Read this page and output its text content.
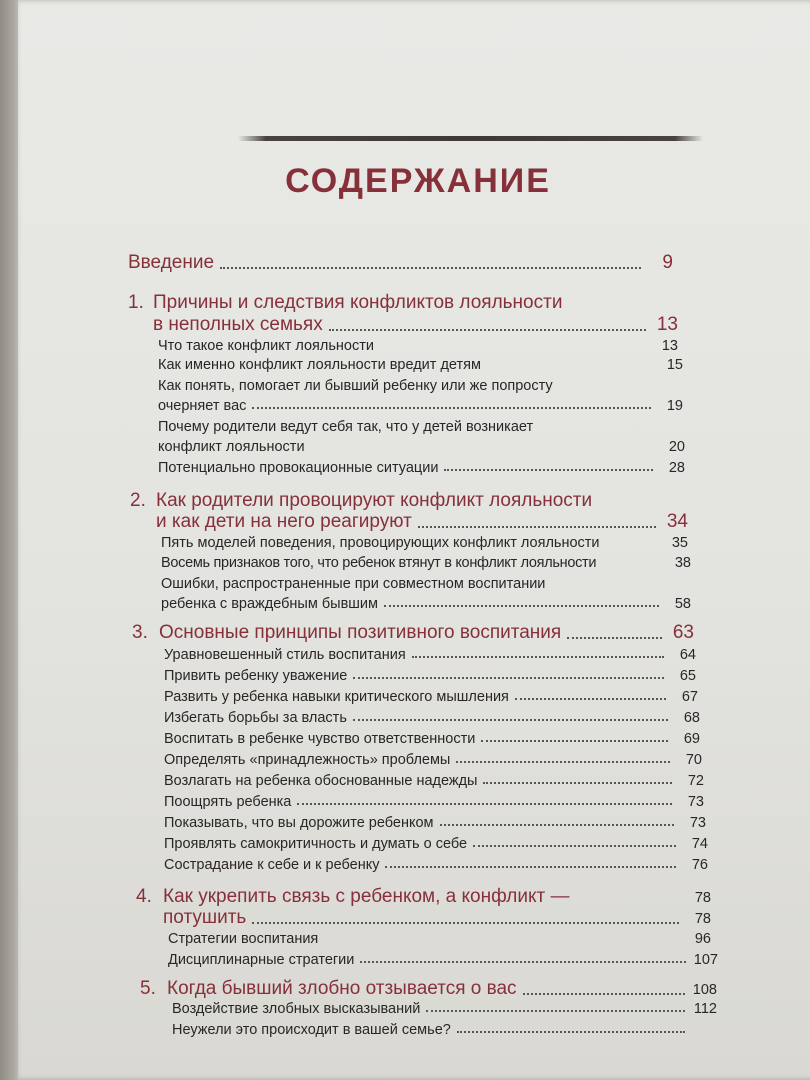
СОДЕРЖАНИЕ
Введение	9
1. Причины и следствия конфликтов лояльности
в неполных семьях	13
Что такое конфликт лояльности	13
Как именно конфликт лояльности вредит детям	15
Как понять, помогает ли бывший ребенку или же попросту
очерняет вас	19
Почему родители ведут себя так, что у детей возникает
конфликт лояльности	20
Потенциально провокационные ситуации	28
2. Как родители провоцируют конфликт лояльности
и как дети на него реагируют	34
Пять моделей поведения, провоцирующих конфликт лояльности	35
Восемь признаков того, что ребенок втянут в конфликт лояльности	38
Ошибки, распространенные при совместном воспитании
ребенка с враждебным бывшим	58
3. Основные принципы позитивного воспитания	63
Уравновешенный стиль воспитания	64
Привить ребенку уважение	65
Развить у ребенка навыки критического мышления	67
Избегать борьбы за власть	68
Воспитать в ребенке чувство ответственности	69
Определять «принадлежность» проблемы	70
Возлагать на ребенка обоснованные надежды	72
Поощрять ребенка	73
Показывать, что вы дорожите ребенком	73
Проявлять самокритичность и думать о себе	74
Сострадание к себе и к ребенку	76
4. Как укрепить связь с ребенком, а конфликт —	78
потушить	78
Стратегии воспитания	96
Дисциплинарные стратегии	107
5. Когда бывший злобно отзывается о вас	108
Воздействие злобных высказываний	112
Неужели это происходит в вашей семье?
